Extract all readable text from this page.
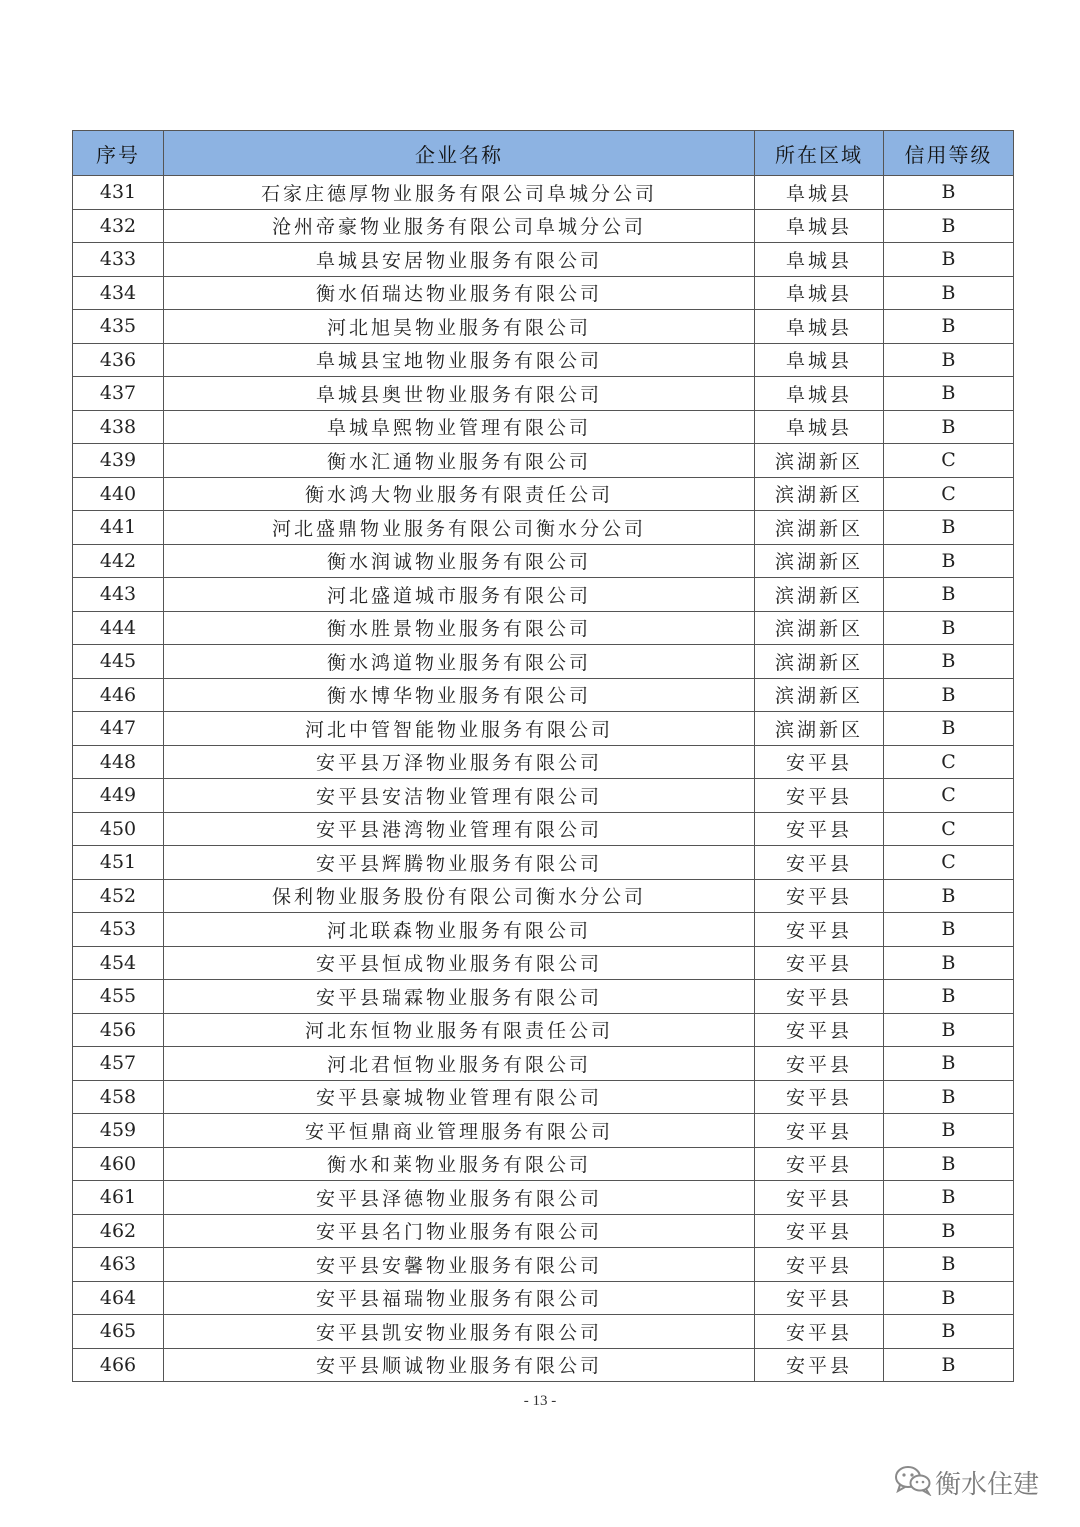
序号	企业名称	所在区域	信用等级
431	石家庄德厚物业服务有限公司阜城分公司	阜城县	B
432	沧州帝豪物业服务有限公司阜城分公司	阜城县	B
433	阜城县安居物业服务有限公司	阜城县	B
434	衡水佰瑞达物业服务有限公司	阜城县	B
435	河北旭昊物业服务有限公司	阜城县	B
436	阜城县宝地物业服务有限公司	阜城县	B
437	阜城县奥世物业服务有限公司	阜城县	B
438	阜城阜熙物业管理有限公司	阜城县	B
439	衡水汇通物业服务有限公司	滨湖新区	C
440	衡水鸿大物业服务有限责任公司	滨湖新区	C
441	河北盛鼎物业服务有限公司衡水分公司	滨湖新区	B
442	衡水润诚物业服务有限公司	滨湖新区	B
443	河北盛道城市服务有限公司	滨湖新区	B
444	衡水胜景物业服务有限公司	滨湖新区	B
445	衡水鸿道物业服务有限公司	滨湖新区	B
446	衡水博华物业服务有限公司	滨湖新区	B
447	河北中管智能物业服务有限公司	滨湖新区	B
448	安平县万泽物业服务有限公司	安平县	C
449	安平县安洁物业管理有限公司	安平县	C
450	安平县港湾物业管理有限公司	安平县	C
451	安平县辉腾物业服务有限公司	安平县	C
452	保利物业服务股份有限公司衡水分公司	安平县	B
453	河北联森物业服务有限公司	安平县	B
454	安平县恒成物业服务有限公司	安平县	B
455	安平县瑞霖物业服务有限公司	安平县	B
456	河北东恒物业服务有限责任公司	安平县	B
457	河北君恒物业服务有限公司	安平县	B
458	安平县豪城物业管理有限公司	安平县	B
459	安平恒鼎商业管理服务有限公司	安平县	B
460	衡水和莱物业服务有限公司	安平县	B
461	安平县泽德物业服务有限公司	安平县	B
462	安平县名门物业服务有限公司	安平县	B
463	安平县安馨物业服务有限公司	安平县	B
464	安平县福瑞物业服务有限公司	安平县	B
465	安平县凯安物业服务有限公司	安平县	B
466	安平县顺诚物业服务有限公司	安平县	B
- 13 -
衡水住建
